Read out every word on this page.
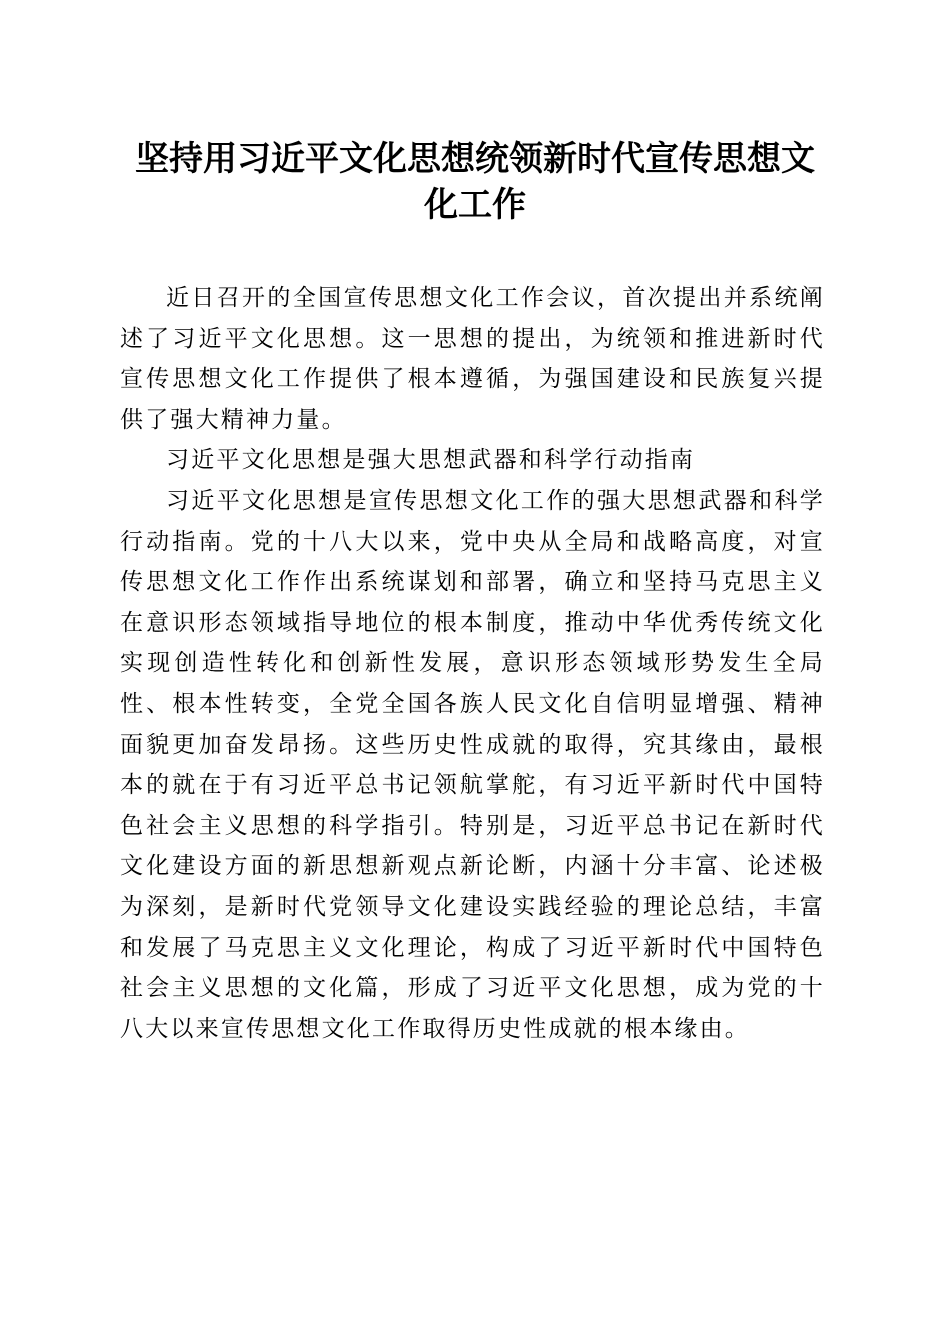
坚持用习近平文化思想统领新时代宣传思想文
化工作

近日召开的全国宣传思想文化工作会议，首次提出并系统阐述了习近平文化思想。这一思想的提出，为统领和推进新时代宣传思想文化工作提供了根本遵循，为强国建设和民族复兴提供了强大精神力量。

习近平文化思想是强大思想武器和科学行动指南

习近平文化思想是宣传思想文化工作的强大思想武器和科学行动指南。党的十八大以来，党中央从全局和战略高度，对宣传思想文化工作作出系统谋划和部署，确立和坚持马克思主义在意识形态领域指导地位的根本制度，推动中华优秀传统文化实现创造性转化和创新性发展，意识形态领域形势发生全局性、根本性转变，全党全国各族人民文化自信明显增强、精神面貌更加奋发昂扬。这些历史性成就的取得，究其缘由，最根本的就在于有习近平总书记领航掌舵，有习近平新时代中国特色社会主义思想的科学指引。特别是，习近平总书记在新时代文化建设方面的新思想新观点新论断，内涵十分丰富、论述极为深刻，是新时代党领导文化建设实践经验的理论总结，丰富和发展了马克思主义文化理论，构成了习近平新时代中国特色社会主义思想的文化篇，形成了习近平文化思想，成为党的十八大以来宣传思想文化工作取得历史性成就的根本缘由。
